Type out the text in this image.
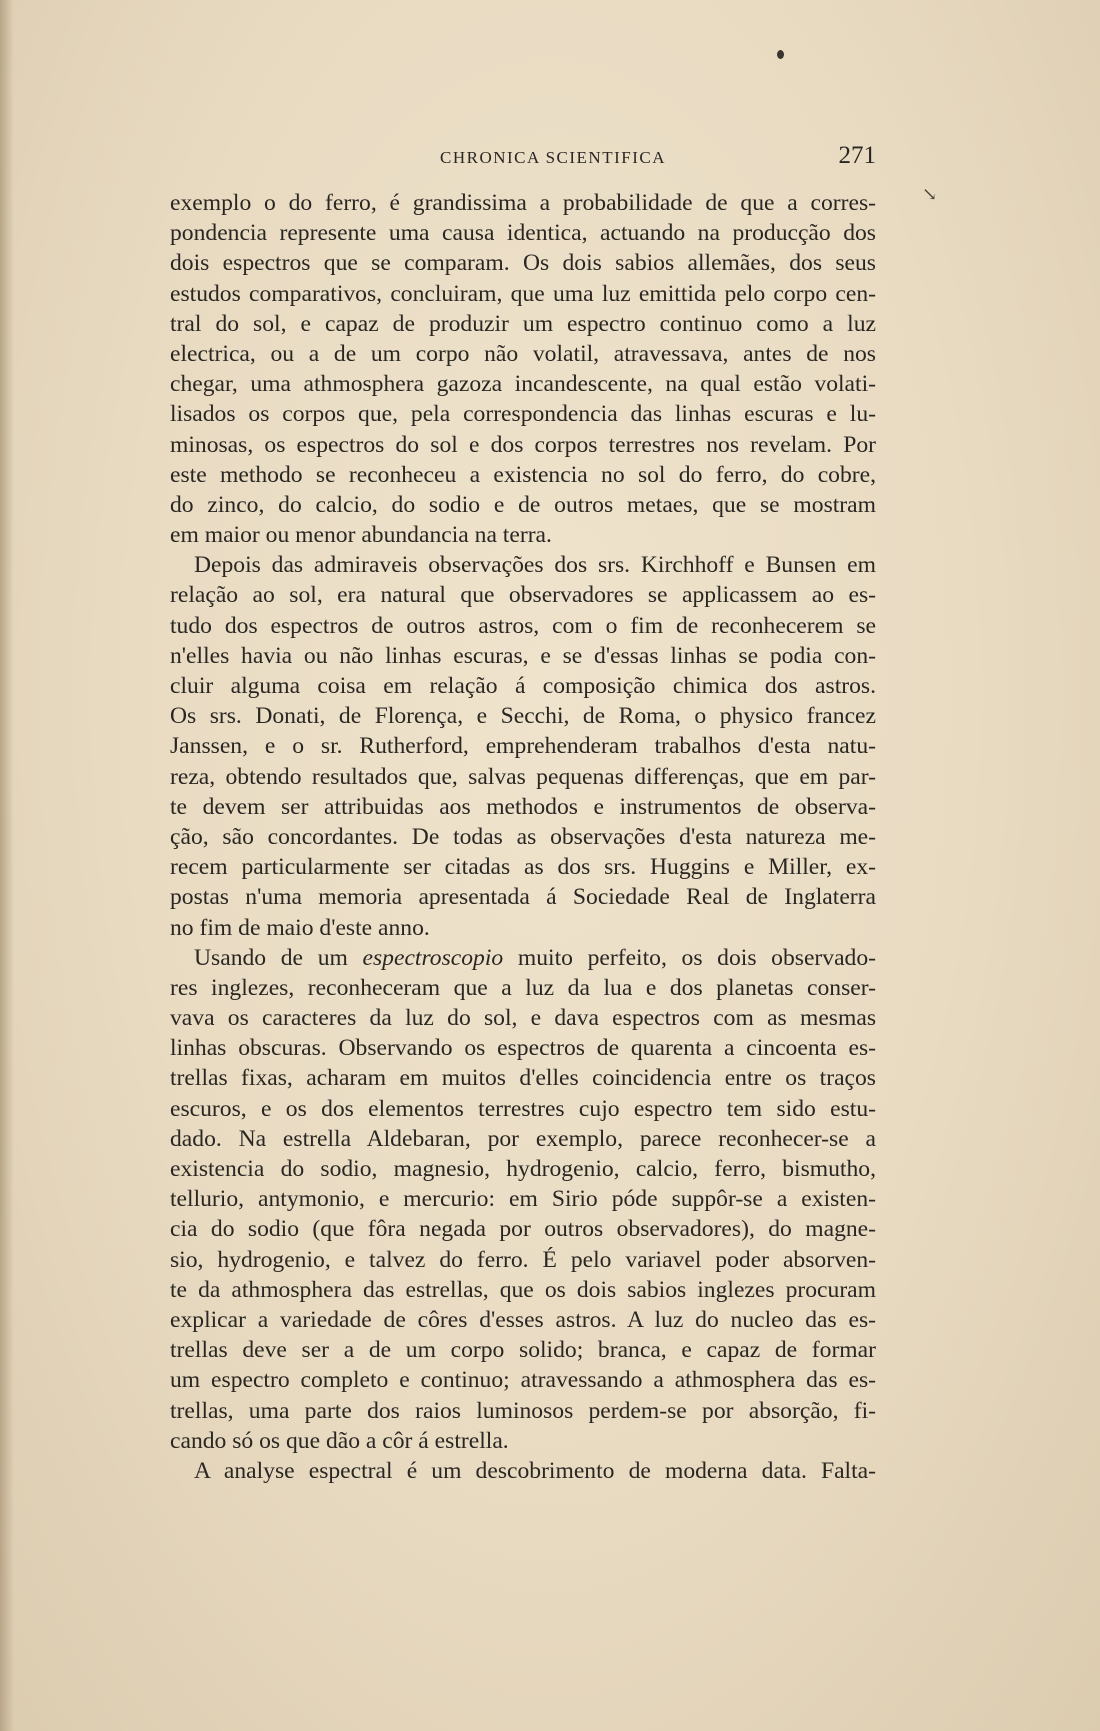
CHRONICA SCIENTIFICA	271
↘
exemplo o do ferro, é grandissima a probabilidade de que a corres-
pondencia represente uma causa identica, actuando na producção dos
dois espectros que se comparam. Os dois sabios allemães, dos seus
estudos comparativos, concluiram, que uma luz emittida pelo corpo cen-
tral do sol, e capaz de produzir um espectro continuo como a luz
electrica, ou a de um corpo não volatil, atravessava, antes de nos
chegar, uma athmosphera gazoza incandescente, na qual estão volati-
lisados os corpos que, pela correspondencia das linhas escuras e lu-
minosas, os espectros do sol e dos corpos terrestres nos revelam. Por
este methodo se reconheceu a existencia no sol do ferro, do cobre,
do zinco, do calcio, do sodio e de outros metaes, que se mostram
em maior ou menor abundancia na terra.
Depois das admiraveis observações dos srs. Kirchhoff e Bunsen em
relação ao sol, era natural que observadores se applicassem ao es-
tudo dos espectros de outros astros, com o fim de reconhecerem se
n'elles havia ou não linhas escuras, e se d'essas linhas se podia con-
cluir alguma coisa em relação á composição chimica dos astros.
Os srs. Donati, de Florença, e Secchi, de Roma, o physico francez
Janssen, e o sr. Rutherford, emprehenderam trabalhos d'esta natu-
reza, obtendo resultados que, salvas pequenas differenças, que em par-
te devem ser attribuidas aos methodos e instrumentos de observa-
ção, são concordantes. De todas as observações d'esta natureza me-
recem particularmente ser citadas as dos srs. Huggins e Miller, ex-
postas n'uma memoria apresentada á Sociedade Real de Inglaterra
no fim de maio d'este anno.
Usando de um espectroscopio muito perfeito, os dois observado-
res inglezes, reconheceram que a luz da lua e dos planetas conser-
vava os caracteres da luz do sol, e dava espectros com as mesmas
linhas obscuras. Observando os espectros de quarenta a cincoenta es-
trellas fixas, acharam em muitos d'elles coincidencia entre os traços
escuros, e os dos elementos terrestres cujo espectro tem sido estu-
dado. Na estrella Aldebaran, por exemplo, parece reconhecer-se a
existencia do sodio, magnesio, hydrogenio, calcio, ferro, bismutho,
tellurio, antymonio, e mercurio: em Sirio póde suppôr-se a existen-
cia do sodio (que fôra negada por outros observadores), do magne-
sio, hydrogenio, e talvez do ferro. É pelo variavel poder absorven-
te da athmosphera das estrellas, que os dois sabios inglezes procuram
explicar a variedade de côres d'esses astros. A luz do nucleo das es-
trellas deve ser a de um corpo solido; branca, e capaz de formar
um espectro completo e continuo; atravessando a athmosphera das es-
trellas, uma parte dos raios luminosos perdem-se por absorção, fi-
cando só os que dão a côr á estrella.
A analyse espectral é um descobrimento de moderna data. Falta-
